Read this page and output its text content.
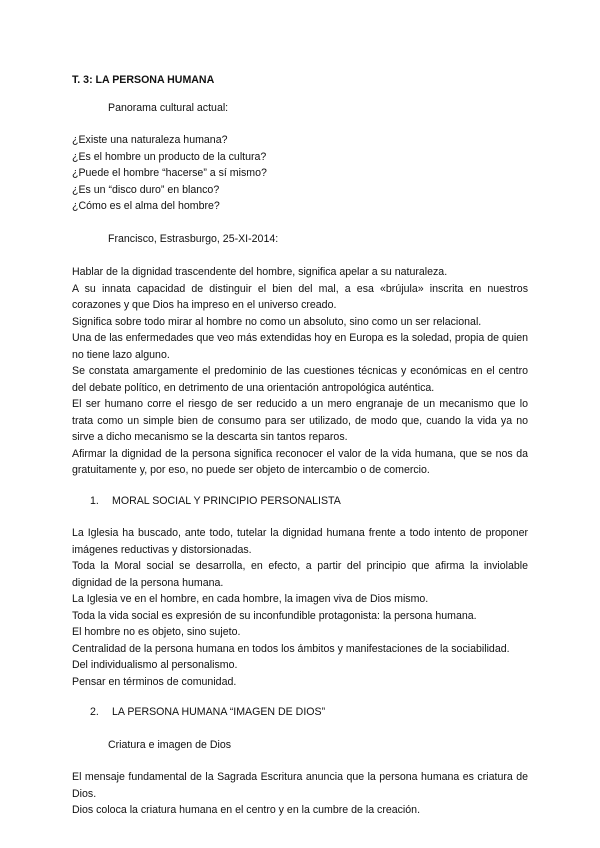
T. 3: LA PERSONA HUMANA
Panorama cultural actual:
¿Existe una naturaleza humana?
¿Es el hombre un producto de la cultura?
¿Puede el hombre “hacerse” a sí mismo?
¿Es un “disco duro” en blanco?
¿Cómo es el alma del hombre?
Francisco, Estrasburgo, 25-XI-2014:

Hablar de la dignidad trascendente del hombre, significa apelar a su naturaleza.

A su innata capacidad de distinguir el bien del mal, a esa «brújula» inscrita en nuestros corazones y que Dios ha impreso en el universo creado.

Significa sobre todo mirar al hombre no como un absoluto, sino como un ser relacional.

Una de las enfermedades que veo más extendidas hoy en Europa es la soledad, propia de quien no tiene lazo alguno.

Se constata amargamente el predominio de las cuestiones técnicas y económicas en el centro del debate político, en detrimento de una orientación antropológica auténtica.

El ser humano corre el riesgo de ser reducido a un mero engranaje de un mecanismo que lo trata como un simple bien de consumo para ser utilizado, de modo que, cuando la vida ya no sirve a dicho mecanismo se la descarta sin tantos reparos.

Afirmar la dignidad de la persona significa reconocer el valor de la vida humana, que se nos da gratuitamente y, por eso, no puede ser objeto de intercambio o de comercio.

1.	MORAL SOCIAL Y PRINCIPIO PERSONALISTA

La Iglesia ha buscado, ante todo, tutelar la dignidad humana frente a todo intento de proponer imágenes reductivas y distorsionadas.

Toda la Moral social se desarrolla, en efecto, a partir del principio que afirma la inviolable dignidad de la persona humana.

La Iglesia ve en el hombre, en cada hombre, la imagen viva de Dios mismo.

Toda la vida social es expresión de su inconfundible protagonista: la persona humana.

El hombre no es objeto, sino sujeto.

Centralidad de la persona humana en todos los ámbitos y manifestaciones de la sociabilidad.

Del individualismo al personalismo.

Pensar en términos de comunidad.

2.	LA PERSONA HUMANA “IMAGEN DE DIOS”
Criatura e imagen de Dios

El mensaje fundamental de la Sagrada Escritura anuncia que la persona humana es criatura de Dios.

Dios coloca la criatura humana en el centro y en la cumbre de la creación.
